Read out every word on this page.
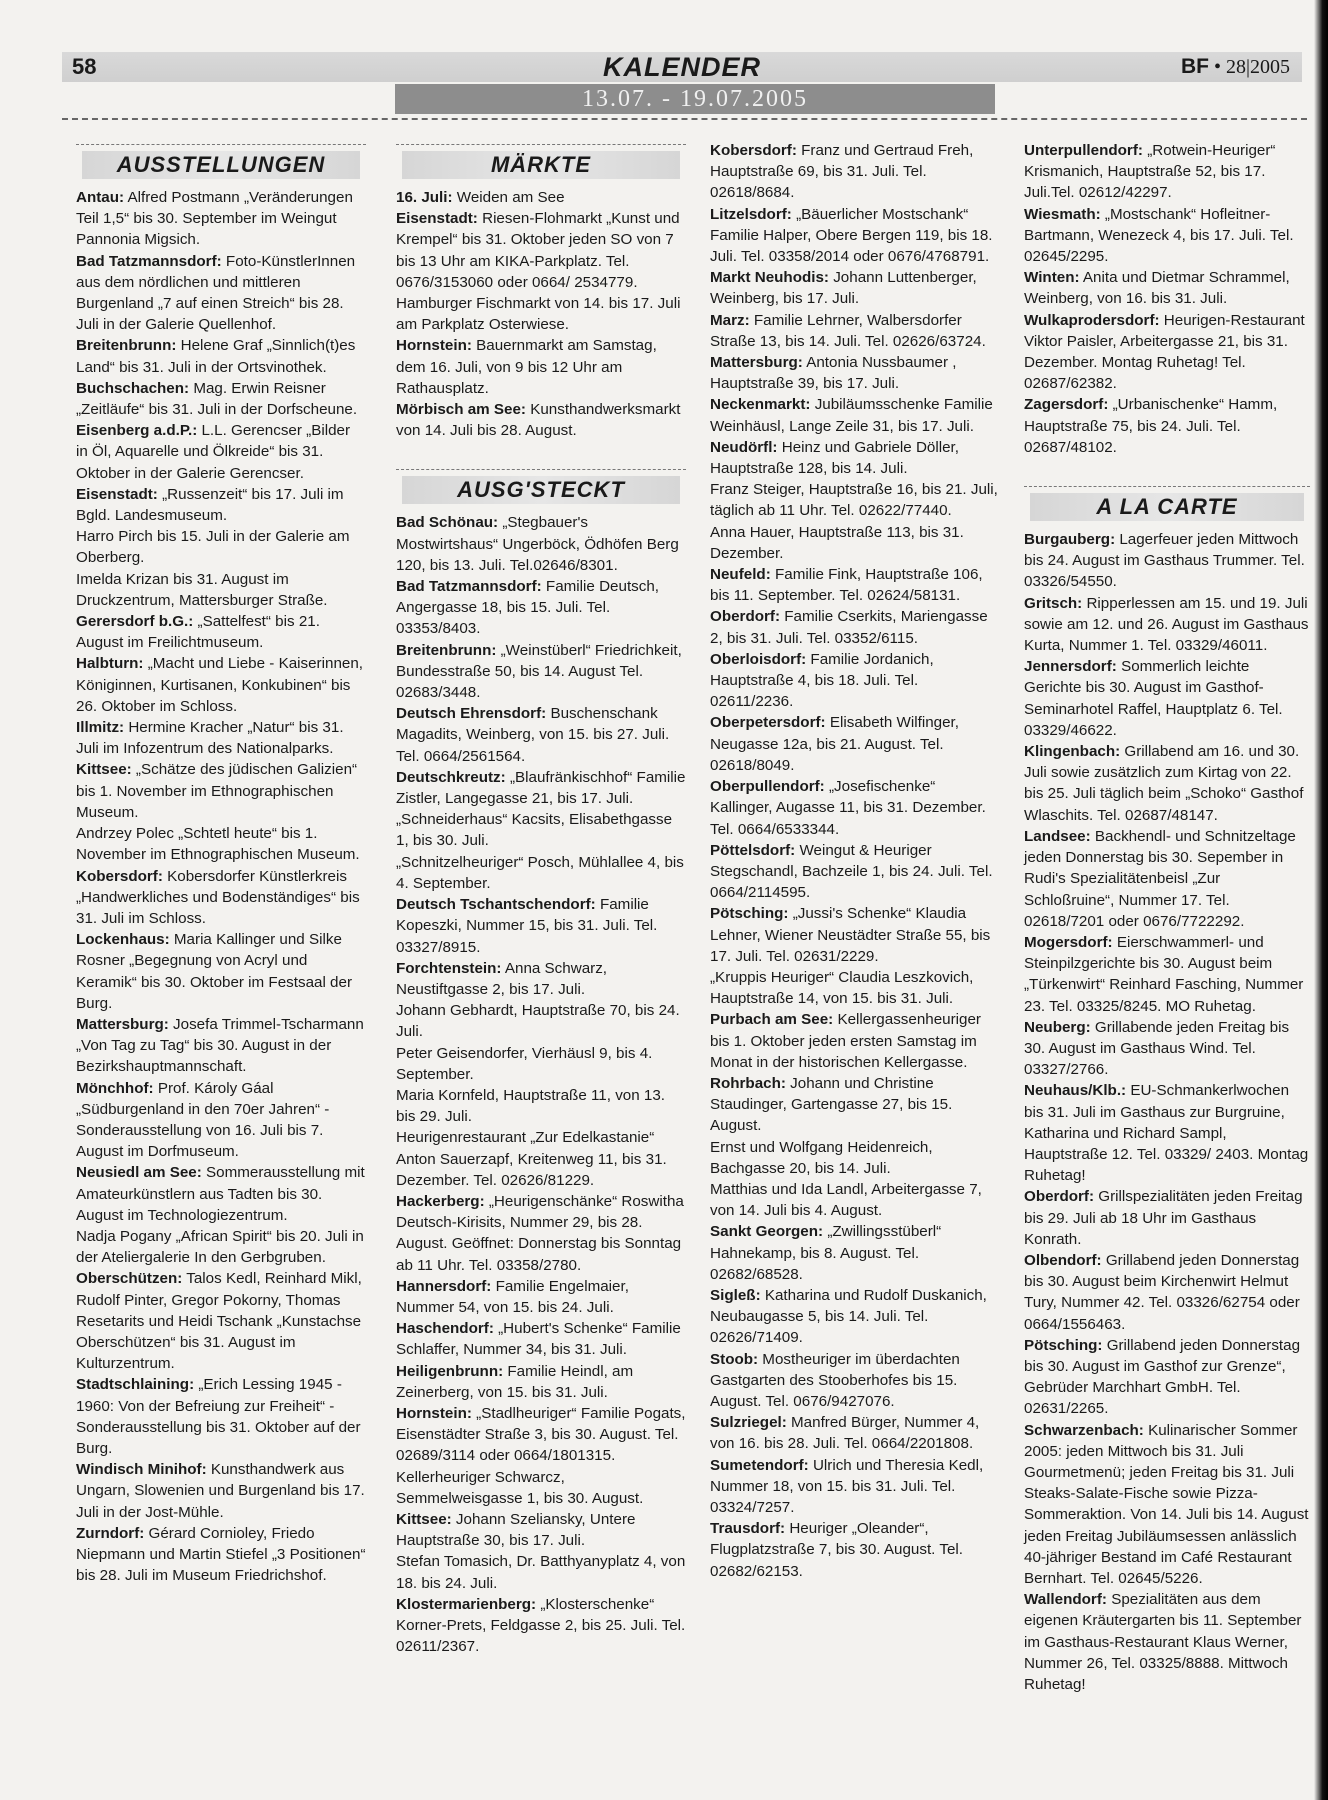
58	KALENDER	BF • 28|2005
13.07. - 19.07.2005
AUSSTELLUNGEN

Antau: Alfred Postmann „Veränderungen Teil 1,5“ bis 30. September im Weingut Pannonia Migsich.

Bad Tatzmannsdorf: Foto-KünstlerInnen aus dem nördlichen und mittleren Burgenland „7 auf einen Streich“ bis 28. Juli in der Galerie Quellenhof.

Breitenbrunn: Helene Graf „Sinnlich(t)es Land“ bis 31. Juli in der Ortsvinothek.

Buchschachen: Mag. Erwin Reisner „Zeitläufe“ bis 31. Juli in der Dorfscheune.

Eisenberg a.d.P.: L.L. Gerencser „Bilder in Öl, Aquarelle und Ölkreide“ bis 31. Oktober in der Galerie Gerencser.

Eisenstadt: „Russenzeit“ bis 17. Juli im Bgld. Landesmuseum.

Harro Pirch bis 15. Juli in der Galerie am Oberberg.

Imelda Krizan bis 31. August im Druckzentrum, Mattersburger Straße.

Gerersdorf b.G.: „Sattelfest“ bis 21. August im Freilichtmuseum.

Halbturn: „Macht und Liebe - Kaiserinnen, Königinnen, Kurtisanen, Konkubinen“ bis 26. Oktober im Schloss.

Illmitz: Hermine Kracher „Natur“ bis 31. Juli im Infozentrum des Nationalparks.

Kittsee: „Schätze des jüdischen Galizien“ bis 1. November im Ethnographischen Museum.

Andrzey Polec „Schtetl heute“ bis 1. November im Ethnographischen Museum.

Kobersdorf: Kobersdorfer Künstlerkreis „Handwerkliches und Bodenständiges“ bis 31. Juli im Schloss.

Lockenhaus: Maria Kallinger und Silke Rosner „Begegnung von Acryl und Keramik“ bis 30. Oktober im Festsaal der Burg.

Mattersburg: Josefa Trimmel-Tscharmann „Von Tag zu Tag“ bis 30. August in der Bezirkshauptmannschaft.

Mönchhof: Prof. Károly Gáal „Südburgenland in den 70er Jahren“ - Sonderausstellung von 16. Juli bis 7. August im Dorfmuseum.

Neusiedl am See: Sommerausstellung mit Amateurkünstlern aus Tadten bis 30. August im Technologiezentrum.

Nadja Pogany „African Spirit“ bis 20. Juli in der Ateliergalerie In den Gerbgruben.

Oberschützen: Talos Kedl, Reinhard Mikl, Rudolf Pinter, Gregor Pokorny, Thomas Resetarits und Heidi Tschank „Kunstachse Oberschützen“ bis 31. August im Kulturzentrum.

Stadtschlaining: „Erich Lessing 1945 - 1960: Von der Befreiung zur Freiheit“ - Sonderausstellung bis 31. Oktober auf der Burg.

Windisch Minihof: Kunsthandwerk aus Ungarn, Slowenien und Burgenland bis 17. Juli in der Jost-Mühle.

Zurndorf: Gérard Cornioley, Friedo Niepmann und Martin Stiefel „3 Positionen“ bis 28. Juli im Museum Friedrichshof.

MÄRKTE

16. Juli: Weiden am See

Eisenstadt: Riesen-Flohmarkt „Kunst und Krempel“ bis 31. Oktober jeden SO von 7 bis 13 Uhr am KIKA-Parkplatz. Tel. 0676/3153060 oder 0664/ 2534779.

Hamburger Fischmarkt von 14. bis 17. Juli am Parkplatz Osterwiese.

Hornstein: Bauernmarkt am Samstag, dem 16. Juli, von 9 bis 12 Uhr am Rathausplatz.

Mörbisch am See: Kunsthandwerksmarkt von 14. Juli bis 28. August.

AUSG'STECKT

Bad Schönau: „Stegbauer's Mostwirtshaus“ Ungerböck, Ödhöfen Berg 120, bis 13. Juli. Tel.02646/8301.

Bad Tatzmannsdorf: Familie Deutsch, Angergasse 18, bis 15. Juli. Tel. 03353/8403.

Breitenbrunn: „Weinstüberl“ Friedrichkeit, Bundesstraße 50, bis 14. August Tel. 02683/3448.

Deutsch Ehrensdorf: Buschenschank Magadits, Weinberg, von 15. bis 27. Juli. Tel. 0664/2561564.

Deutschkreutz: „Blaufränkischhof“ Familie Zistler, Langegasse 21, bis 17. Juli.

„Schneiderhaus“ Kacsits, Elisabethgasse 1, bis 30. Juli.

„Schnitzelheuriger“ Posch, Mühlallee 4, bis 4. September.

Deutsch Tschantschendorf: Familie Kopeszki, Nummer 15, bis 31. Juli. Tel. 03327/8915.

Forchtenstein: Anna Schwarz, Neustiftgasse 2, bis 17. Juli.

Johann Gebhardt, Hauptstraße 70, bis 24. Juli.

Peter Geisendorfer, Vierhäusl 9, bis 4. September.

Maria Kornfeld, Hauptstraße 11, von 13. bis 29. Juli.

Heurigenrestaurant „Zur Edelkastanie“ Anton Sauerzapf, Kreitenweg 11, bis 31. Dezember. Tel. 02626/81229.

Hackerberg: „Heurigenschänke“ Roswitha Deutsch-Kirisits, Nummer 29, bis 28. August. Geöffnet: Donnerstag bis Sonntag ab 11 Uhr. Tel. 03358/2780.

Hannersdorf: Familie Engelmaier, Nummer 54, von 15. bis 24. Juli.

Haschendorf: „Hubert's Schenke“ Familie Schlaffer, Nummer 34, bis 31. Juli.

Heiligenbrunn: Familie Heindl, am Zeinerberg, von 15. bis 31. Juli.

Hornstein: „Stadlheuriger“ Familie Pogats, Eisenstädter Straße 3, bis 30. August. Tel. 02689/3114 oder 0664/1801315.

Kellerheuriger Schwarcz, Semmelweisgasse 1, bis 30. August.

Kittsee: Johann Szeliansky, Untere Hauptstraße 30, bis 17. Juli.

Stefan Tomasich, Dr. Batthyanyplatz 4, von 18. bis 24. Juli.

Klostermarienberg: „Klosterschenke“ Korner-Prets, Feldgasse 2, bis 25. Juli. Tel. 02611/2367.

Kobersdorf: Franz und Gertraud Freh, Hauptstraße 69, bis 31. Juli. Tel. 02618/8684.

Litzelsdorf: „Bäuerlicher Mostschank“ Familie Halper, Obere Bergen 119, bis 18. Juli. Tel. 03358/2014 oder 0676/4768791.

Markt Neuhodis: Johann Luttenberger, Weinberg, bis 17. Juli.

Marz: Familie Lehrner, Walbersdorfer Straße 13, bis 14. Juli. Tel. 02626/63724.

Mattersburg: Antonia Nussbaumer , Hauptstraße 39, bis 17. Juli.

Neckenmarkt: Jubiläumsschenke Familie Weinhäusl, Lange Zeile 31, bis 17. Juli.

Neudörfl: Heinz und Gabriele Döller, Hauptstraße 128, bis 14. Juli.

Franz Steiger, Hauptstraße 16, bis 21. Juli, täglich ab 11 Uhr. Tel. 02622/77440.

Anna Hauer, Hauptstraße 113, bis 31. Dezember.

Neufeld: Familie Fink, Hauptstraße 106, bis 11. September. Tel. 02624/58131.

Oberdorf: Familie Cserkits, Mariengasse 2, bis 31. Juli. Tel. 03352/6115.

Oberloisdorf: Familie Jordanich, Hauptstraße 4, bis 18. Juli. Tel. 02611/2236.

Oberpetersdorf: Elisabeth Wilfinger, Neugasse 12a, bis 21. August. Tel. 02618/8049.

Oberpullendorf: „Josefischenke“ Kallinger, Augasse 11, bis 31. Dezember. Tel. 0664/6533344.

Pöttelsdorf: Weingut & Heuriger Stegschandl, Bachzeile 1, bis 24. Juli. Tel. 0664/2114595.

Pötsching: „Jussi's Schenke“ Klaudia Lehner, Wiener Neustädter Straße 55, bis 17. Juli. Tel. 02631/2229.

„Kruppis Heuriger“ Claudia Leszkovich, Hauptstraße 14, von 15. bis 31. Juli.

Purbach am See: Kellergassenheuriger bis 1. Oktober jeden ersten Samstag im Monat in der historischen Kellergasse.

Rohrbach: Johann und Christine Staudinger, Gartengasse 27, bis 15. August.

Ernst und Wolfgang Heidenreich, Bachgasse 20, bis 14. Juli.

Matthias und Ida Landl, Arbeitergasse 7, von 14. Juli bis 4. August.

Sankt Georgen: „Zwillingsstüberl“ Hahnekamp, bis 8. August. Tel. 02682/68528.

Sigleß: Katharina und Rudolf Duskanich, Neubaugasse 5, bis 14. Juli. Tel. 02626/71409.

Stoob: Mostheuriger im überdachten Gastgarten des Stooberhofes bis 15. August. Tel. 0676/9427076.

Sulzriegel: Manfred Bürger, Nummer 4, von 16. bis 28. Juli. Tel. 0664/2201808.

Sumetendorf: Ulrich und Theresia Kedl, Nummer 18, von 15. bis 31. Juli. Tel. 03324/7257.

Trausdorf: Heuriger „Oleander“, Flugplatzstraße 7, bis 30. August. Tel. 02682/62153.

Unterpullendorf: „Rotwein-Heuriger“ Krismanich, Hauptstraße 52, bis 17. Juli.Tel. 02612/42297.

Wiesmath: „Mostschank“ Hofleitner-Bartmann, Wenezeck 4, bis 17. Juli. Tel. 02645/2295.

Winten: Anita und Dietmar Schrammel, Weinberg, von 16. bis 31. Juli.

Wulkaprodersdorf: Heurigen-Restaurant Viktor Paisler, Arbeitergasse 21, bis 31. Dezember. Montag Ruhetag! Tel. 02687/62382.

Zagersdorf: „Urbanischenke“ Hamm, Hauptstraße 75, bis 24. Juli. Tel. 02687/48102.

A LA CARTE

Burgauberg: Lagerfeuer jeden Mittwoch bis 24. August im Gasthaus Trummer. Tel. 03326/54550.

Gritsch: Ripperlessen am 15. und 19. Juli sowie am 12. und 26. August im Gasthaus Kurta, Nummer 1. Tel. 03329/46011.

Jennersdorf: Sommerlich leichte Gerichte bis 30. August im Gasthof-Seminarhotel Raffel, Hauptplatz 6. Tel. 03329/46622.

Klingenbach: Grillabend am 16. und 30. Juli sowie zusätzlich zum Kirtag von 22. bis 25. Juli täglich beim „Schoko“ Gasthof Wlaschits. Tel. 02687/48147.

Landsee: Backhendl- und Schnitzeltage jeden Donnerstag bis 30. Sepember in Rudi's Spezialitätenbeisl „Zur Schloßruine“, Nummer 17. Tel. 02618/7201 oder 0676/7722292.

Mogersdorf: Eierschwammerl- und Steinpilzgerichte bis 30. August beim „Türkenwirt“ Reinhard Fasching, Nummer 23. Tel. 03325/8245. MO Ruhetag.

Neuberg: Grillabende jeden Freitag bis 30. August im Gasthaus Wind. Tel. 03327/2766.

Neuhaus/Klb.: EU-Schmankerlwochen bis 31. Juli im Gasthaus zur Burgruine, Katharina und Richard Sampl, Hauptstraße 12. Tel. 03329/ 2403. Montag Ruhetag!

Oberdorf: Grillspezialitäten jeden Freitag bis 29. Juli ab 18 Uhr im Gasthaus Konrath.

Olbendorf: Grillabend jeden Donnerstag bis 30. August beim Kirchenwirt Helmut Tury, Nummer 42. Tel. 03326/62754 oder 0664/1556463.

Pötsching: Grillabend jeden Donnerstag bis 30. August im Gasthof zur Grenze“, Gebrüder Marchhart GmbH. Tel. 02631/2265.

Schwarzenbach: Kulinarischer Sommer 2005: jeden Mittwoch bis 31. Juli Gourmetmenü; jeden Freitag bis 31. Juli Steaks-Salate-Fische sowie Pizza-Sommeraktion. Von 14. Juli bis 14. August jeden Freitag Jubiläumsessen anlässlich 40-jähriger Bestand im Café Restaurant Bernhart. Tel. 02645/5226.

Wallendorf: Spezialitäten aus dem eigenen Kräutergarten bis 11. September im Gasthaus-Restaurant Klaus Werner, Nummer 26, Tel. 03325/8888. Mittwoch Ruhetag!
